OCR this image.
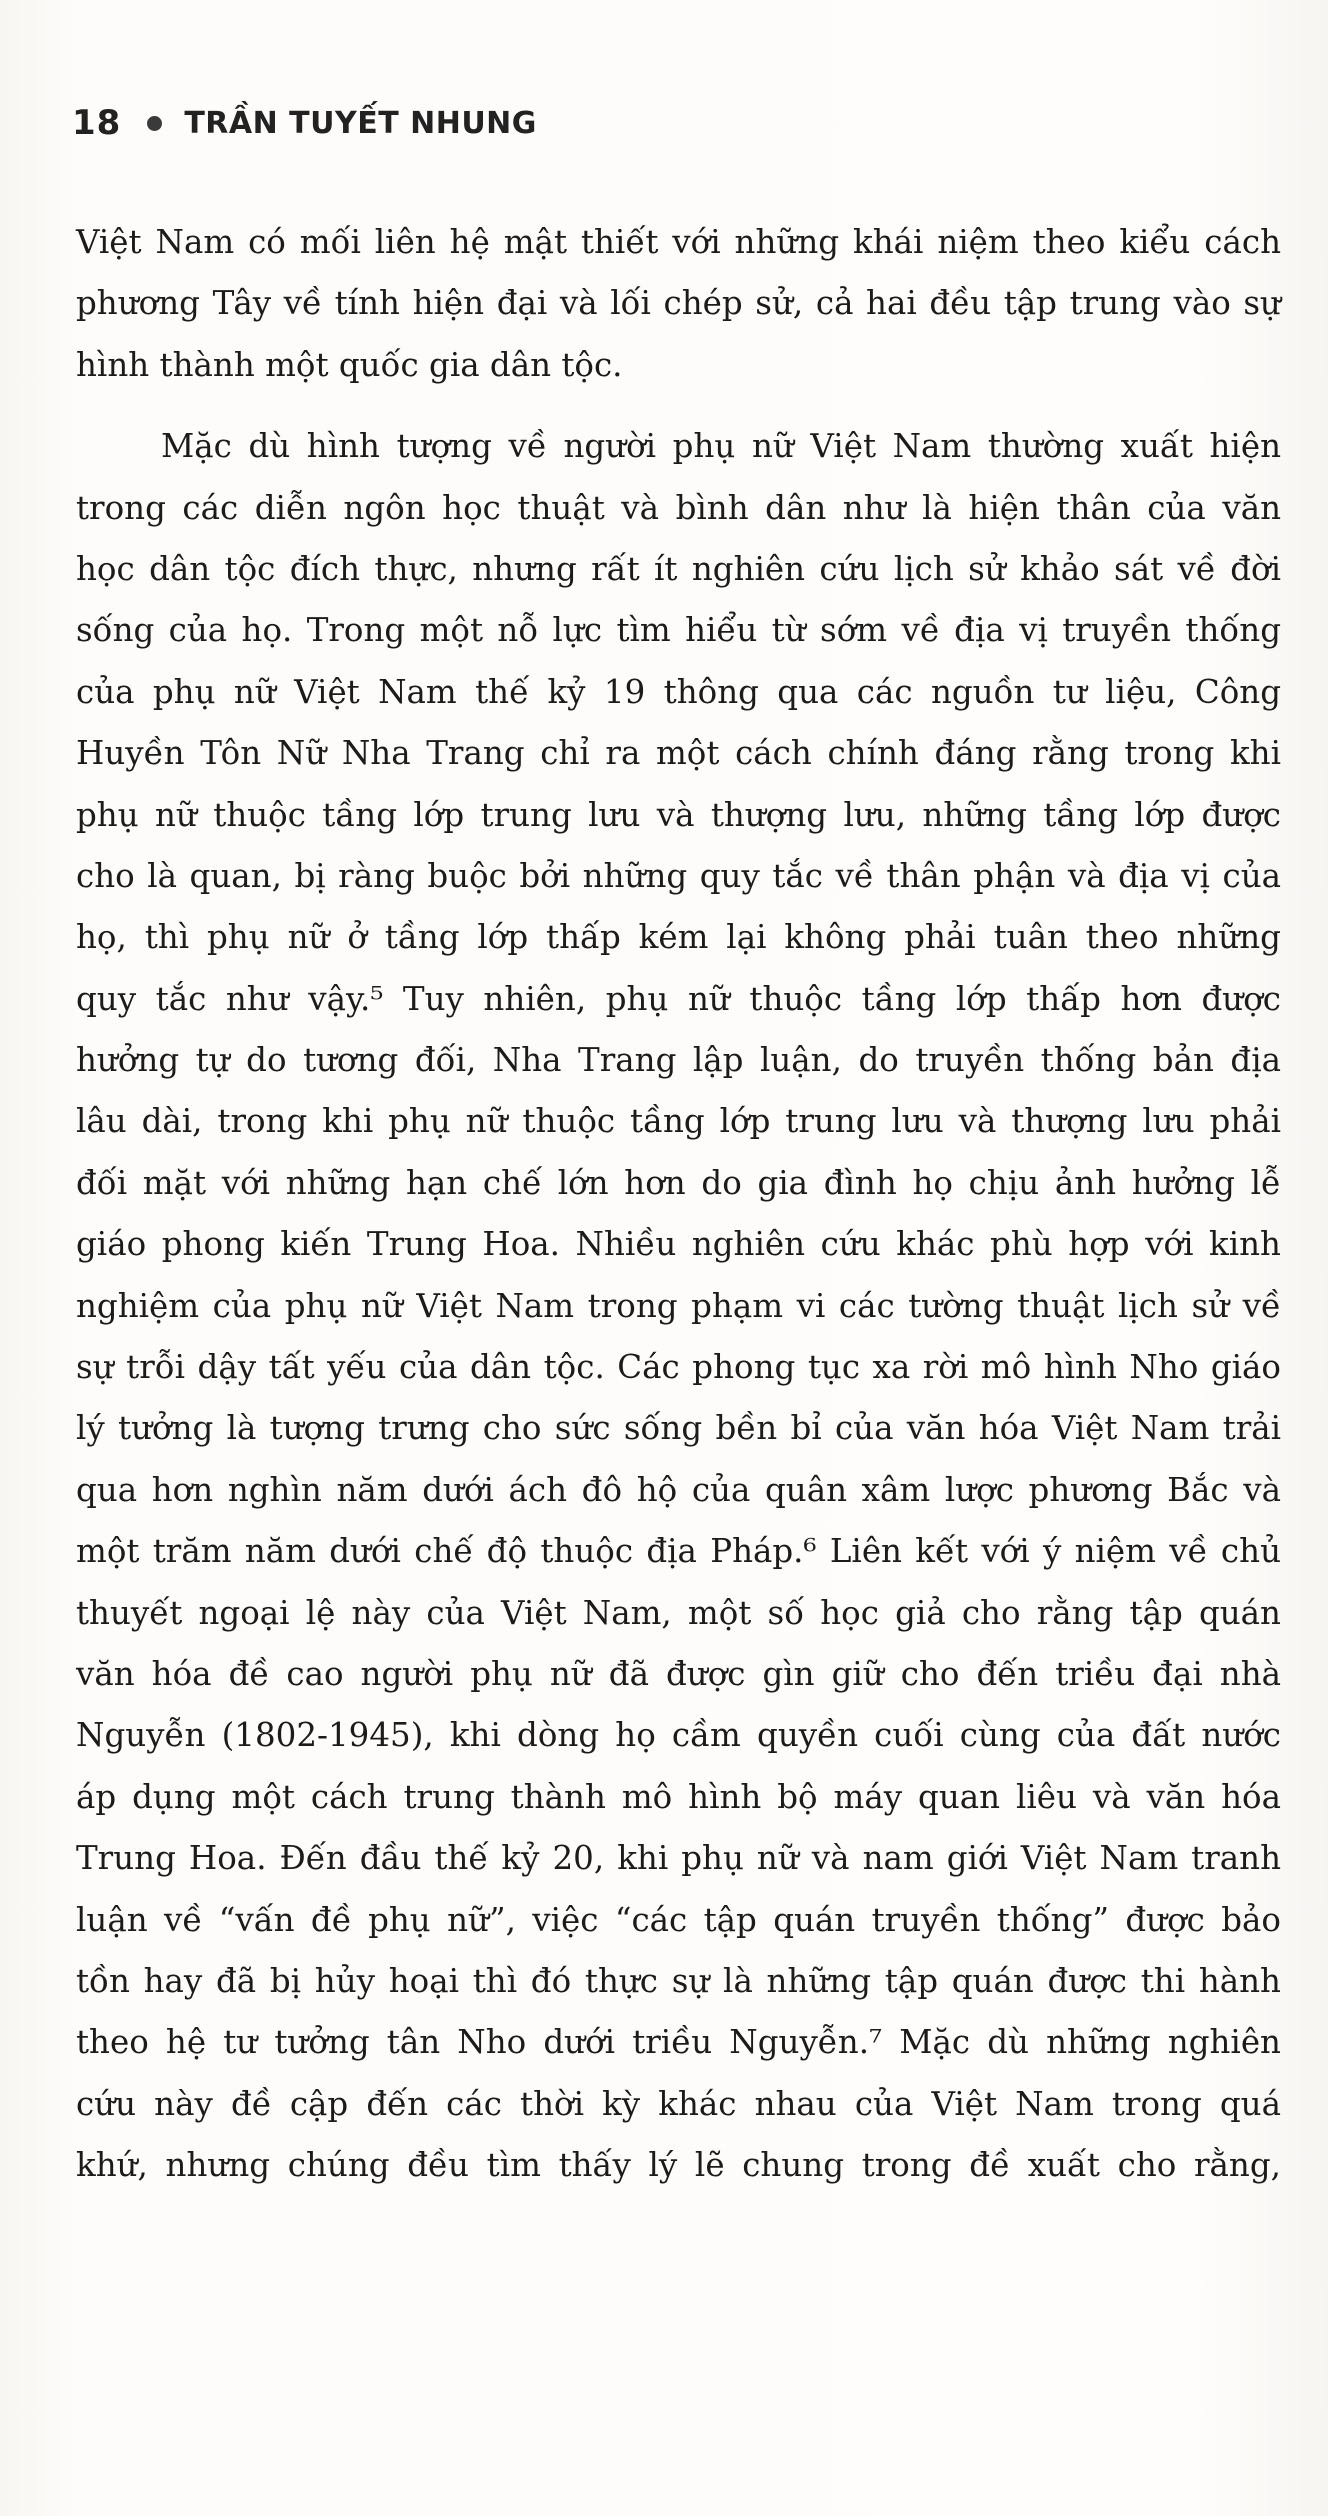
18 TRẦN TUYẾT NHUNG
Việt Nam có mối liên hệ mật thiết với những khái niệm theo kiểu cách
phương Tây về tính hiện đại và lối chép sử, cả hai đều tập trung vào sự
hình thành một quốc gia dân tộc.
Mặc dù hình tượng về người phụ nữ Việt Nam thường xuất hiện
trong các diễn ngôn học thuật và bình dân như là hiện thân của văn
học dân tộc đích thực, nhưng rất ít nghiên cứu lịch sử khảo sát về đời
sống của họ. Trong một nỗ lực tìm hiểu từ sớm về địa vị truyền thống
của phụ nữ Việt Nam thế kỷ 19 thông qua các nguồn tư liệu, Công
Huyền Tôn Nữ Nha Trang chỉ ra một cách chính đáng rằng trong khi
phụ nữ thuộc tầng lớp trung lưu và thượng lưu, những tầng lớp được
cho là quan, bị ràng buộc bởi những quy tắc về thân phận và địa vị của
họ, thì phụ nữ ở tầng lớp thấp kém lại không phải tuân theo những
quy tắc như vậy.⁵ Tuy nhiên, phụ nữ thuộc tầng lớp thấp hơn được
hưởng tự do tương đối, Nha Trang lập luận, do truyền thống bản địa
lâu dài, trong khi phụ nữ thuộc tầng lớp trung lưu và thượng lưu phải
đối mặt với những hạn chế lớn hơn do gia đình họ chịu ảnh hưởng lễ
giáo phong kiến Trung Hoa. Nhiều nghiên cứu khác phù hợp với kinh
nghiệm của phụ nữ Việt Nam trong phạm vi các tường thuật lịch sử về
sự trỗi dậy tất yếu của dân tộc. Các phong tục xa rời mô hình Nho giáo
lý tưởng là tượng trưng cho sức sống bền bỉ của văn hóa Việt Nam trải
qua hơn nghìn năm dưới ách đô hộ của quân xâm lược phương Bắc và
một trăm năm dưới chế độ thuộc địa Pháp.⁶ Liên kết với ý niệm về chủ
thuyết ngoại lệ này của Việt Nam, một số học giả cho rằng tập quán
văn hóa đề cao người phụ nữ đã được gìn giữ cho đến triều đại nhà
Nguyễn (1802-1945), khi dòng họ cầm quyền cuối cùng của đất nước
áp dụng một cách trung thành mô hình bộ máy quan liêu và văn hóa
Trung Hoa. Đến đầu thế kỷ 20, khi phụ nữ và nam giới Việt Nam tranh
luận về “vấn đề phụ nữ”, việc “các tập quán truyền thống” được bảo
tồn hay đã bị hủy hoại thì đó thực sự là những tập quán được thi hành
theo hệ tư tưởng tân Nho dưới triều Nguyễn.⁷ Mặc dù những nghiên
cứu này đề cập đến các thời kỳ khác nhau của Việt Nam trong quá
khứ, nhưng chúng đều tìm thấy lý lẽ chung trong đề xuất cho rằng,
